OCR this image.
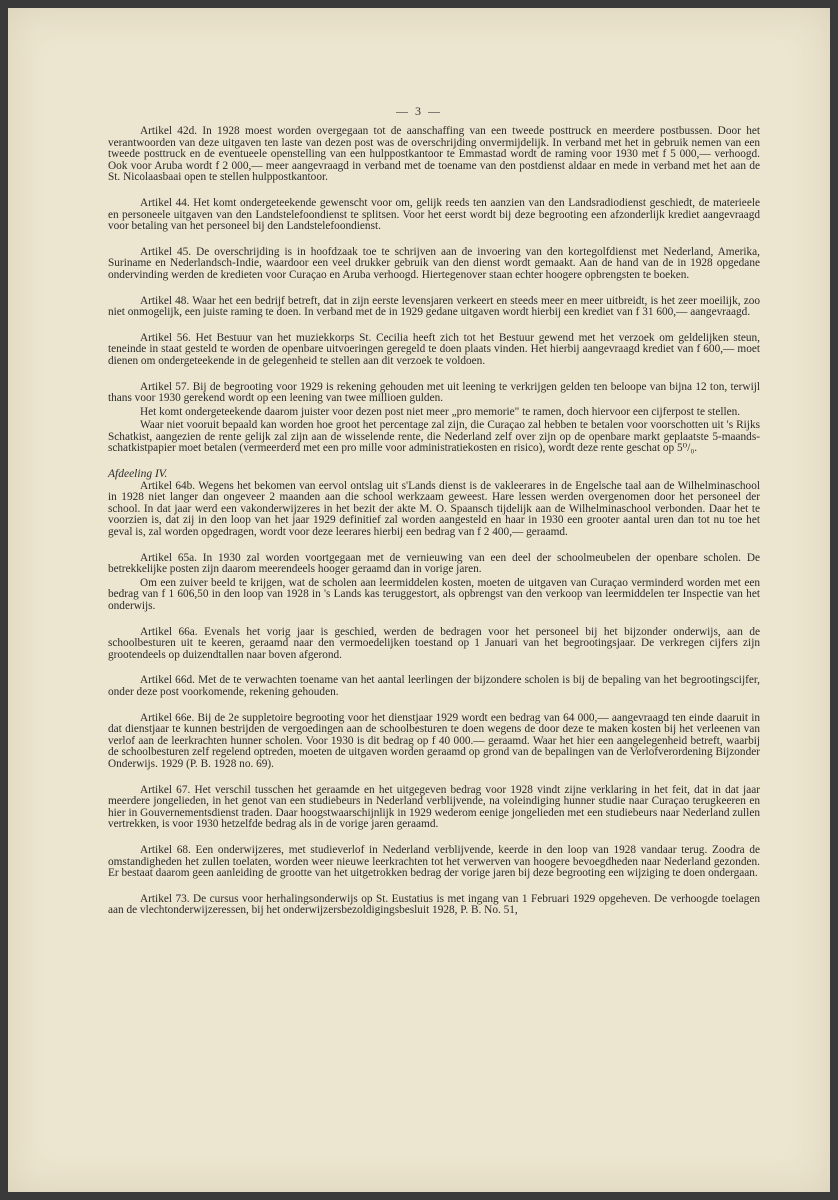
— 3 —

Artikel 42d. In 1928 moest worden overgegaan tot de aanschaffing van een tweede posttruck en meerdere postbussen. Door het verantwoorden van deze uitgaven ten laste van dezen post was de overschrijding onvermijdelijk. In verband met het in gebruik nemen van een tweede posttruck en de eventueele openstelling van een hulppostkantoor te Emmastad wordt de raming voor 1930 met f 5 000,— verhoogd. Ook voor Aruba wordt f 2 000,— meer aangevraagd in verband met de toename van den postdienst aldaar en mede in verband met het aan de St. Nicolaasbaai open te stellen hulppostkantoor.

Artikel 44. Het komt ondergeteekende gewenscht voor om, gelijk reeds ten aanzien van den Landsradiodienst geschiedt, de materieele en personeele uitgaven van den Landstelefoondienst te splitsen. Voor het eerst wordt bij deze begrooting een afzonderlijk krediet aangevraagd voor betaling van het personeel bij den Landstelefoondienst.

Artikel 45. De overschrijding is in hoofdzaak toe te schrijven aan de invoering van den kortegolfdienst met Nederland, Amerika, Suriname en Nederlandsch-Indie, waardoor een veel drukker gebruik van den dienst wordt gemaakt. Aan de hand van de in 1928 opgedane ondervinding werden de kredieten voor Curaçao en Aruba verhoogd. Hiertegenover staan echter hoogere opbrengsten te boeken.

Artikel 48. Waar het een bedrijf betreft, dat in zijn eerste levensjaren verkeert en steeds meer en meer uitbreidt, is het zeer moeilijk, zoo niet onmogelijk, een juiste raming te doen. In verband met de in 1929 gedane uitgaven wordt hierbij een krediet van f 31 600,— aangevraagd.

Artikel 56. Het Bestuur van het muziekkorps St. Cecilia heeft zich tot het Bestuur gewend met het verzoek om geldelijken steun, teneinde in staat gesteld te worden de openbare uitvoeringen geregeld te doen plaats vinden. Het hierbij aangevraagd krediet van f 600,— moet dienen om ondergeteekende in de gelegenheid te stellen aan dit verzoek te voldoen.

Artikel 57. Bij de begrooting voor 1929 is rekening gehouden met uit leening te verkrijgen gelden ten beloope van bijna 12 ton, terwijl thans voor 1930 gerekend wordt op een leening van twee millioen gulden.

Het komt ondergeteekende daarom juister voor dezen post niet meer „pro memorie" te ramen, doch hiervoor een cijferpost te stellen.

Waar niet vooruit bepaald kan worden hoe groot het percentage zal zijn, die Curaçao zal hebben te betalen voor voorschotten uit 's Rijks Schatkist, aangezien de rente gelijk zal zijn aan de wisselende rente, die Nederland zelf over zijn op de openbare markt geplaatste 5-maands-schatkistpapier moet betalen (vermeerderd met een pro mille voor administratiekosten en risico), wordt deze rente geschat op 5⁰/₀.

Afdeeling IV.

Artikel 64b. Wegens het bekomen van eervol ontslag uit s'Lands dienst is de vakleerares in de Engelsche taal aan de Wilhelminaschool in 1928 niet langer dan ongeveer 2 maanden aan die school werkzaam geweest. Hare lessen werden overgenomen door het personeel der school. In dat jaar werd een vakonderwijzeres in het bezit der akte M. O. Spaansch tijdelijk aan de Wilhelminaschool verbonden. Daar het te voorzien is, dat zij in den loop van het jaar 1929 definitief zal worden aangesteld en haar in 1930 een grooter aantal uren dan tot nu toe het geval is, zal worden opgedragen, wordt voor deze leerares hierbij een bedrag van f 2 400,— geraamd.

Artikel 65a. In 1930 zal worden voortgegaan met de vernieuwing van een deel der schoolmeubelen der openbare scholen. De betrekkelijke posten zijn daarom meerendeels hooger geraamd dan in vorige jaren.

Om een zuiver beeld te krijgen, wat de scholen aan leermiddelen kosten, moeten de uitgaven van Curaçao verminderd worden met een bedrag van f 1 606,50 in den loop van 1928 in 's Lands kas teruggestort, als opbrengst van den verkoop van leermiddelen ter Inspectie van het onderwijs.

Artikel 66a. Evenals het vorig jaar is geschied, werden de bedragen voor het personeel bij het bijzonder onderwijs, aan de schoolbesturen uit te keeren, geraamd naar den vermoedelijken toestand op 1 Januari van het begrootingsjaar. De verkregen cijfers zijn grootendeels op duizendtallen naar boven afgerond.

Artikel 66d. Met de te verwachten toename van het aantal leerlingen der bijzondere scholen is bij de bepaling van het begrootingscijfer, onder deze post voorkomende, rekening gehouden.

Artikel 66e. Bij de 2e suppletoire begrooting voor het dienstjaar 1929 wordt een bedrag van 64 000,— aangevraagd ten einde daaruit in dat dienstjaar te kunnen bestrijden de vergoedingen aan de schoolbesturen te doen wegens de door deze te maken kosten bij het verleenen van verlof aan de leerkrachten hunner scholen. Voor 1930 is dit bedrag op f 40 000.— geraamd. Waar het hier een aangelegenheid betreft, waarbij de schoolbesturen zelf regelend optreden, moeten de uitgaven worden geraamd op grond van de bepalingen van de Verlofverordening Bijzonder Onderwijs. 1929 (P. B. 1928 no. 69).

Artikel 67. Het verschil tusschen het geraamde en het uitgegeven bedrag voor 1928 vindt zijne verklaring in het feit, dat in dat jaar meerdere jongelieden, in het genot van een studiebeurs in Nederland verblijvende, na voleindiging hunner studie naar Curaçao terugkeeren en hier in Gouvernementsdienst traden. Daar hoogstwaarschijnlijk in 1929 wederom eenige jongelieden met een studiebeurs naar Nederland zullen vertrekken, is voor 1930 hetzelfde bedrag als in de vorige jaren geraamd.

Artikel 68. Een onderwijzeres, met studieverlof in Nederland verblijvende, keerde in den loop van 1928 vandaar terug. Zoodra de omstandigheden het zullen toelaten, worden weer nieuwe leerkrachten tot het verwerven van hoogere bevoegdheden naar Nederland gezonden. Er bestaat daarom geen aanleiding de grootte van het uitgetrokken bedrag der vorige jaren bij deze begrooting een wijziging te doen ondergaan.

Artikel 73. De cursus voor herhalingsonderwijs op St. Eustatius is met ingang van 1 Februari 1929 opgeheven. De verhoogde toelagen aan de vlechtonderwijzeressen, bij het onderwijzersbezoldigingsbesluit 1928, P. B. No. 51,
